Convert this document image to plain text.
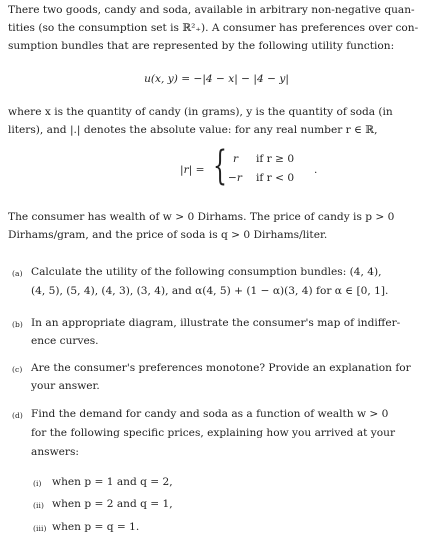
There two goods, candy and soda, available in arbitrary non-negative quan-
tities (so the consumption set is ℝ²₊). A consumer has preferences over con-
sumption bundles that are represented by the following utility function:
u(x, y) = −|4 − x| − |4 − y|
where x is the quantity of candy (in grams), y is the quantity of soda (in
liters), and |.| denotes the absolute value: for any real number r ∈ ℝ,
|r| = { r if r ≥ 0
−r if r < 0
.
The consumer has wealth of w > 0 Dirhams. The price of candy is p > 0
Dirhams/gram, and the price of soda is q > 0 Dirhams/liter.
(a) Calculate the utility of the following consumption bundles: (4, 4),
(4, 5), (5, 4), (4, 3), (3, 4), and α(4, 5) + (1 − α)(3, 4) for α ∈ [0, 1].
(b) In an appropriate diagram, illustrate the consumer's map of indiffer-
ence curves.
(c) Are the consumer's preferences monotone? Provide an explanation for
your answer.
(d) Find the demand for candy and soda as a function of wealth w > 0
for the following specific prices, explaining how you arrived at your
answers:
(i) when p = 1 and q = 2,
(ii) when p = 2 and q = 1,
(iii) when p = q = 1.
